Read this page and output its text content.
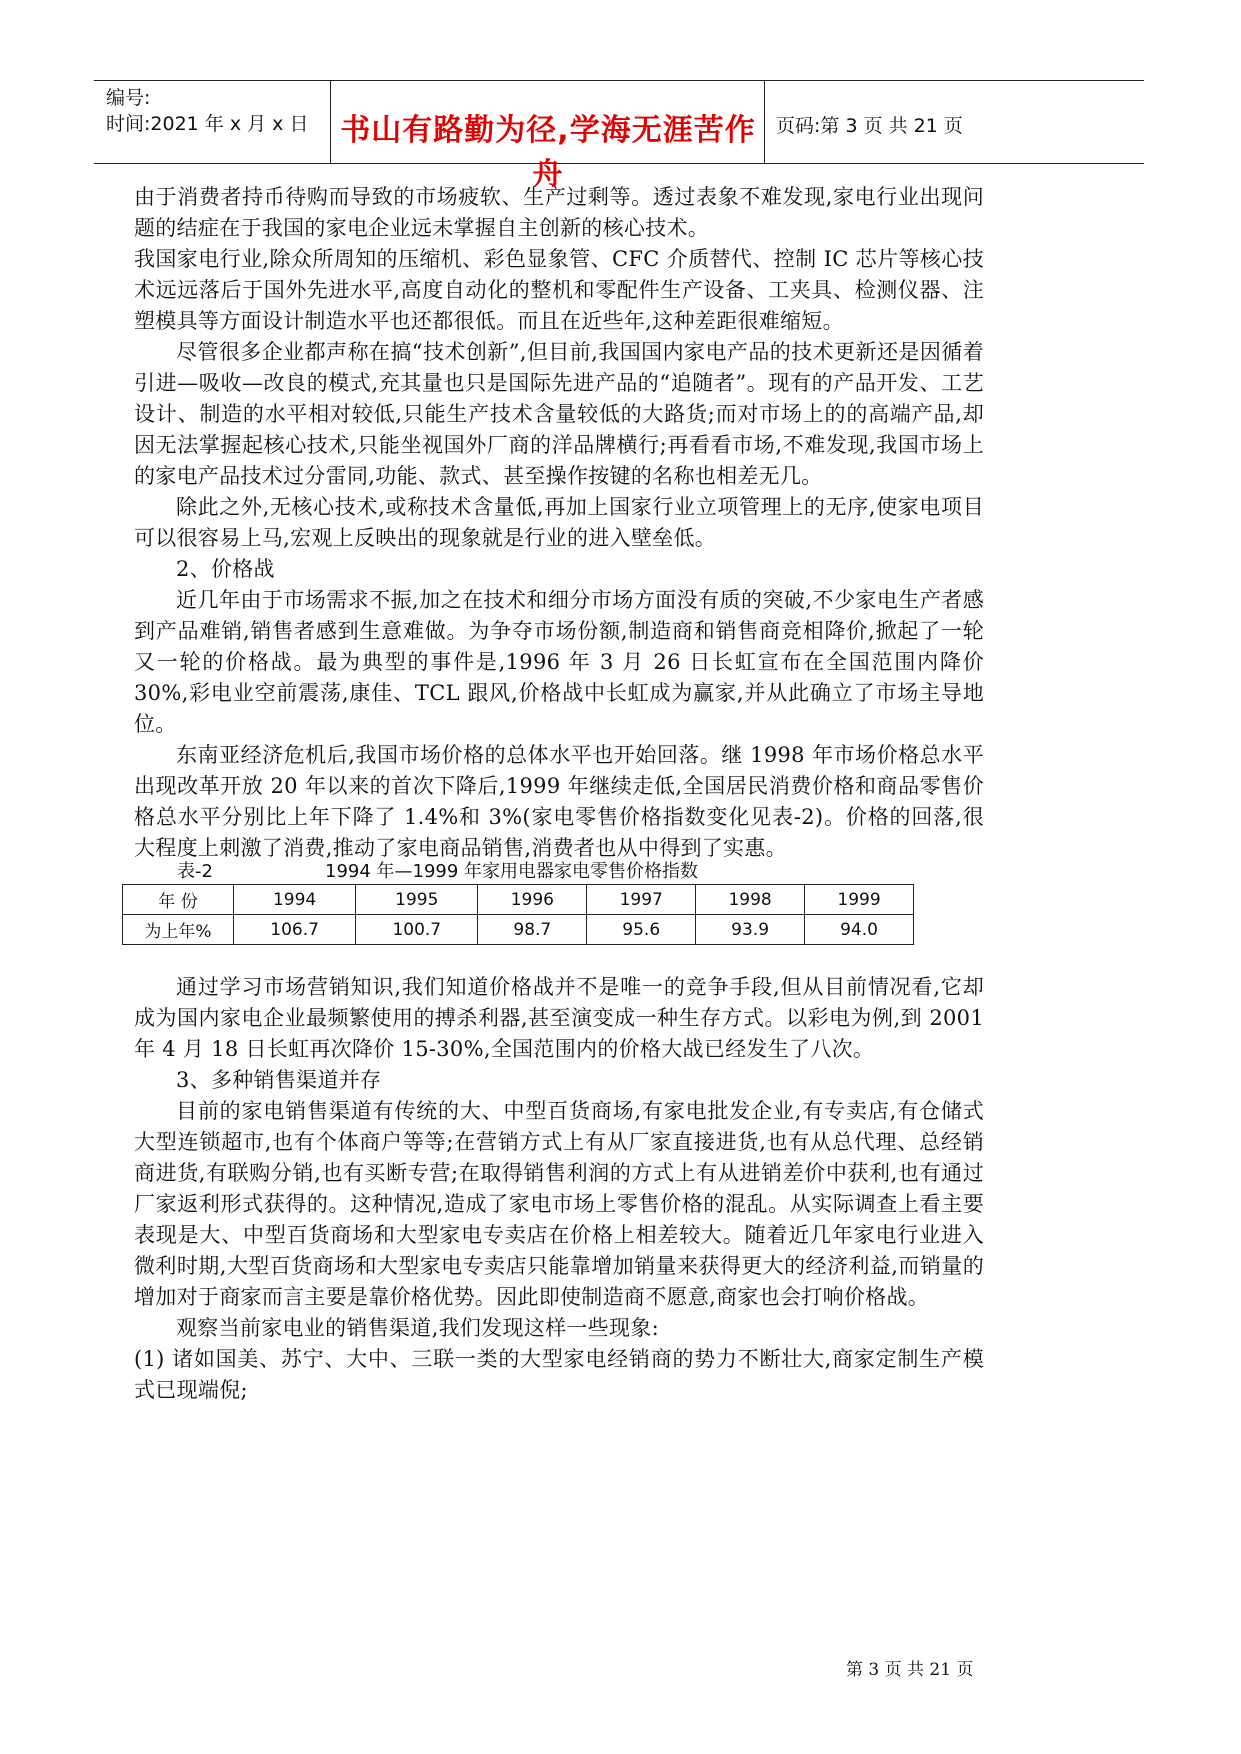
编号:
时间:2021 年 x 月 x 日	书山有路勤为径,学海无涯苦作舟
页码:第 3 页 共 21 页

由于消费者持币待购而导致的市场疲软、生产过剩等。透过表象不难发现,家电行业出现问题的结症在于我国的家电企业远未掌握自主创新的核心技术。

我国家电行业,除众所周知的压缩机、彩色显象管、CFC 介质替代、控制 IC 芯片等核心技术远远落后于国外先进水平,高度自动化的整机和零配件生产设备、工夹具、检测仪器、注塑模具等方面设计制造水平也还都很低。而且在近些年,这种差距很难缩短。

尽管很多企业都声称在搞“技术创新”,但目前,我国国内家电产品的技术更新还是因循着引进—吸收—改良的模式,充其量也只是国际先进产品的“追随者”。现有的产品开发、工艺设计、制造的水平相对较低,只能生产技术含量较低的大路货;而对市场上的的高端产品,却因无法掌握起核心技术,只能坐视国外厂商的洋品牌横行;再看看市场,不难发现,我国市场上的家电产品技术过分雷同,功能、款式、甚至操作按键的名称也相差无几。

除此之外,无核心技术,或称技术含量低,再加上国家行业立项管理上的无序,使家电项目可以很容易上马,宏观上反映出的现象就是行业的进入壁垒低。

2、价格战

近几年由于市场需求不振,加之在技术和细分市场方面没有质的突破,不少家电生产者感到产品难销,销售者感到生意难做。为争夺市场份额,制造商和销售商竞相降价,掀起了一轮又一轮的价格战。最为典型的事件是,1996 年 3 月 26 日长虹宣布在全国范围内降价 30%,彩电业空前震荡,康佳、TCL 跟风,价格战中长虹成为赢家,并从此确立了市场主导地位。

东南亚经济危机后,我国市场价格的总体水平也开始回落。继 1998 年市场价格总水平出现改革开放 20 年以来的首次下降后,1999 年继续走低,全国居民消费价格和商品零售价格总水平分别比上年下降了 1.4%和 3%(家电零售价格指数变化见表-2)。价格的回落,很大程度上刺激了消费,推动了家电商品销售,消费者也从中得到了实惠。

表-2	1994 年—1999 年家用电器家电零售价格指数
年 份	1994	1995	1996	1997	1998	1999
为上年%	106.7	100.7	98.7	95.6	93.9	94.0

通过学习市场营销知识,我们知道价格战并不是唯一的竞争手段,但从目前情况看,它却成为国内家电企业最频繁使用的搏杀利器,甚至演变成一种生存方式。以彩电为例,到 2001 年 4 月 18 日长虹再次降价 15-30%,全国范围内的价格大战已经发生了八次。

3、多种销售渠道并存

目前的家电销售渠道有传统的大、中型百货商场,有家电批发企业,有专卖店,有仓储式大型连锁超市,也有个体商户等等;在营销方式上有从厂家直接进货,也有从总代理、总经销商进货,有联购分销,也有买断专营;在取得销售利润的方式上有从进销差价中获利,也有通过厂家返利形式获得的。这种情况,造成了家电市场上零售价格的混乱。从实际调查上看主要表现是大、中型百货商场和大型家电专卖店在价格上相差较大。随着近几年家电行业进入微利时期,大型百货商场和大型家电专卖店只能靠增加销量来获得更大的经济利益,而销量的增加对于商家而言主要是靠价格优势。因此即使制造商不愿意,商家也会打响价格战。

观察当前家电业的销售渠道,我们发现这样一些现象:

(1) 诸如国美、苏宁、大中、三联一类的大型家电经销商的势力不断壮大,商家定制生产模式已现端倪;

第 3 页 共 21 页
